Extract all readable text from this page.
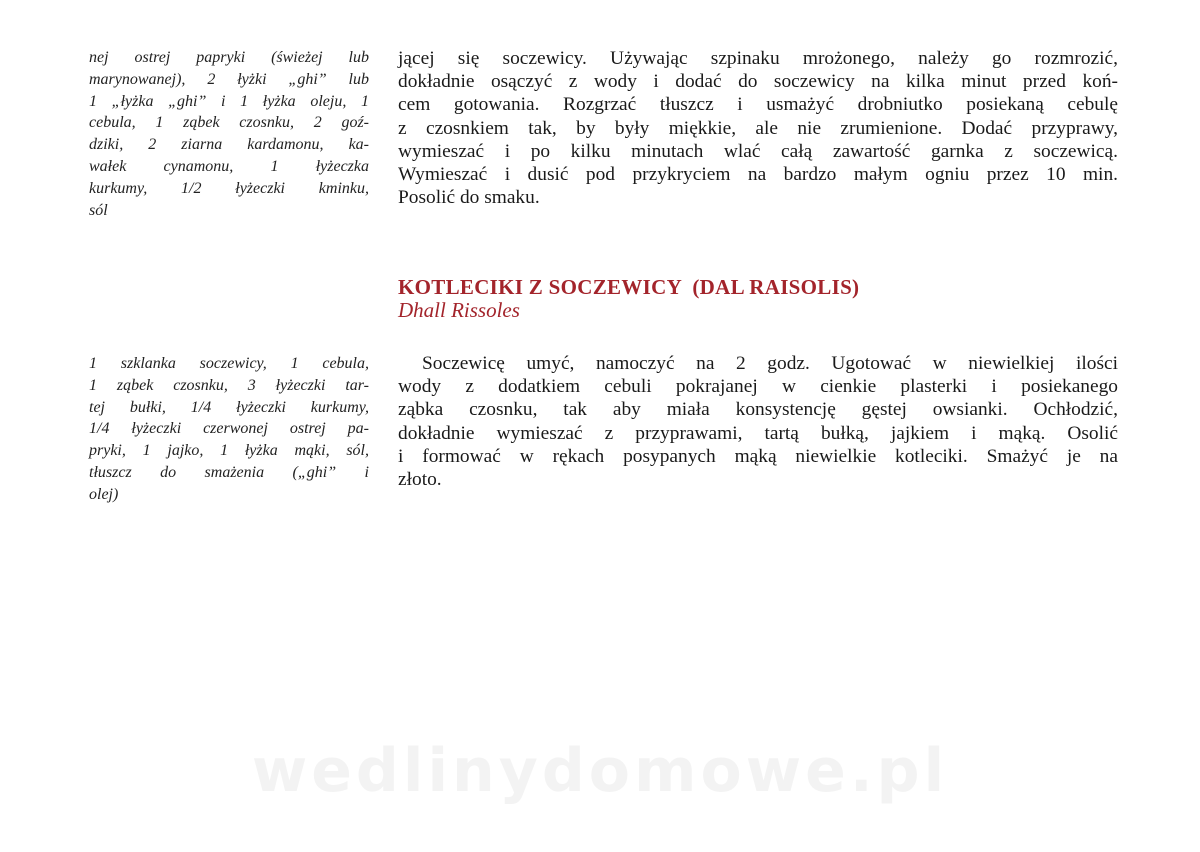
nej ostrej papryki (świeżej lub
marynowanej), 2 łyżki „ghi” lub
1 „łyżka „ghi” i 1 łyżka oleju, 1
cebula, 1 ząbek czosnku, 2 goź-
dziki, 2 ziarna kardamonu, ka-
wałek cynamonu, 1 łyżeczka
kurkumy, 1/2 łyżeczki kminku,
sól
jącej się soczewicy. Używając szpinaku mrożonego, należy go rozmrozić,
dokładnie osączyć z wody i dodać do soczewicy na kilka minut przed koń-
cem gotowania. Rozgrzać tłuszcz i usmażyć drobniutko posiekaną cebulę
z czosnkiem tak, by były miękkie, ale nie zrumienione. Dodać przyprawy,
wymieszać i po kilku minutach wlać całą zawartość garnka z soczewicą.
Wymieszać i dusić pod przykryciem na bardzo małym ogniu przez 10 min.
Posolić do smaku.
KOTLECIKI Z SOCZEWICY  (DAL RAISOLIS)
Dhall Rissoles
1 szklanka soczewicy, 1 cebula,
1 ząbek czosnku, 3 łyżeczki tar-
tej bułki, 1/4 łyżeczki kurkumy,
1/4 łyżeczki czerwonej ostrej pa-
pryki, 1 jajko, 1 łyżka mąki, sól,
tłuszcz do smażenia („ghi” i
olej)
Soczewicę umyć, namoczyć na 2 godz. Ugotować w niewielkiej ilości
wody z dodatkiem cebuli pokrajanej w cienkie plasterki i posiekanego
ząbka czosnku, tak aby miała konsystencję gęstej owsianki. Ochłodzić,
dokładnie wymieszać z przyprawami, tartą bułką, jajkiem i mąką. Osolić
i formować w rękach posypanych mąką niewielkie kotleciki. Smażyć je na
złoto.
wedlinydomowe.pl
